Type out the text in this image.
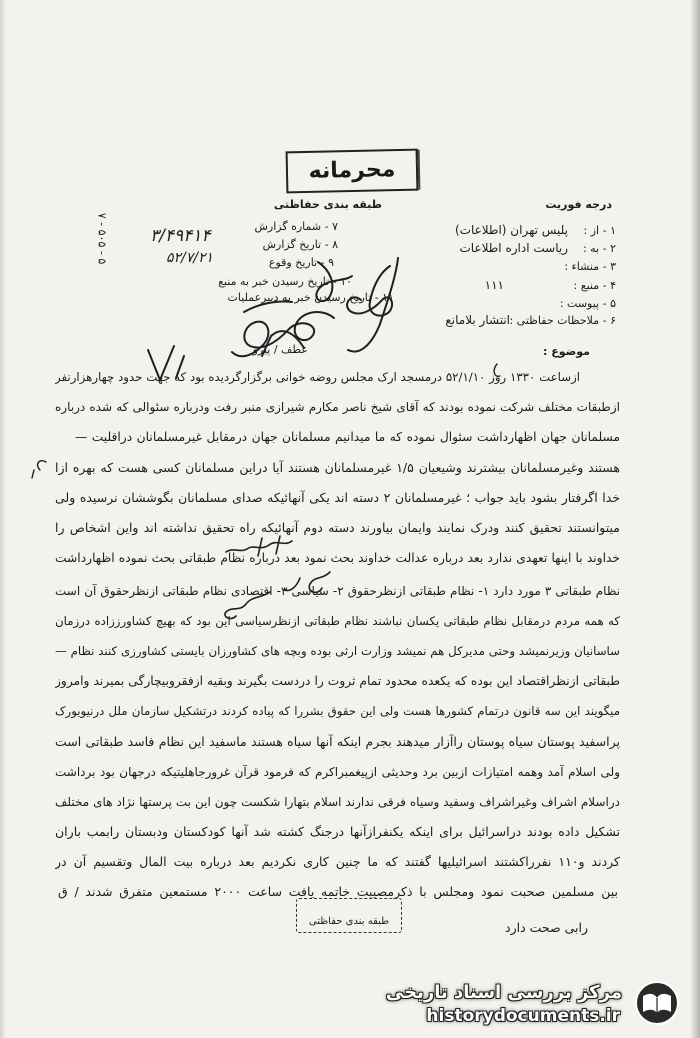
محرمانه
درجه فوریت
طبقه بندی حفاظتی
۱ - از :
پلیس تهران (اطلاعات)
۲ - به :
ریاست اداره اطلاعات
۳ - منشاء :
۴ - منبع :
۱۱۱
۵ - پیوست :
۶ - ملاحظات حفاظتی :
انتشار بلامانع
۷ - شماره گزارش
۸ - تاریخ گزارش
۹ - تاریخ وقوع
۱۰ - تاریخ رسیدن خبر به منبع
۱۱ - تاریخ رسیدن خبر به دبیرعملیات
۳/۴۹۴۱۴
۵۲/۷/۲۱
۵ - ۵۰۵ - ۷
عطف / پیرو	موضوع :
ازساعت ۱۳۳۰ روز ۵۲/۱/۱۰ درمسجد ارک مجلس روضه خوانی برگزارگردیده بود که جهت حدود چهارهزارنفر
ازطبقات مختلف شرکت نموده بودند که آقای شیخ ناصر مکارم شیرازی منبر رفت ودرباره سئوالی که شده درباره
مسلمانان جهان اظهارداشت سئوال نموده که ما میدانیم مسلمانان جهان درمقابل غیرمسلمانان دراقلیت —
هستند وغیرمسلمانان بیشترند وشیعیان ۱/۵ غیرمسلمانان هستند آیا دراین مسلمانان کسی هست که بهره ازا
خدا اگرفتار بشود باید جواب ؛ غیرمسلمانان ۲ دسته اند یکی آنهائیکه صدای مسلمانان بگوششان نرسیده ولی
میتوانستند تحقیق کنند ودرک نمایند وایمان بیاورند دسته دوم آنهائیکه راه تحقیق نداشته اند واین اشخاص را
خداوند با اینها تعهدی ندارد بعد درباره عدالت خداوند بحث نمود بعد درباره نظام طبقاتی بحث نموده اظهارداشت
نظام طبقاتی ۳ مورد دارد ۱- نظام طبقاتی ازنظرحقوق ۲- سیاسی ۳- اقتصادی نظام طبقاتی ازنظرحقوق آن است
که همه مردم درمقابل نظام طبقاتی یکسان نباشند نظام طبقاتی ازنظرسیاسی این بود که بهیچ کشاورززاده درزمان
ساسانیان وزیرنمیشد وحتی مدیرکل هم نمیشد وزارت ارثی بوده وبچه های کشاورزان بایستی کشاورزی کنند نظام —
طبقاتی ازنظراقتصاد این بوده که یکعده محدود تمام ثروت را دردست بگیرند وبقیه ازفقروبیچارگی بمیرند وامروز
میگویند این سه قانون درتمام کشورها هست ولی این حقوق بشررا که پیاده کردند درتشکیل سازمان ملل درنیویورک
پراسفید پوستان سیاه پوستان راآزار میدهند بجرم اینکه آنها سیاه هستند ماسفید این نظام فاسد طبقاتی است
ولی اسلام آمد وهمه امتیازات ازبین برد وحدیثی ازپیغمبراکرم که فرمود قرآن غرورجاهلیتیکه درجهان بود برداشت
دراسلام اشراف وغیراشراف وسفید وسیاه فرقی ندارند اسلام بتهارا شکست چون این بت پرستها نژاد های مختلف
تشکیل داده بودند دراسرائیل برای اینکه یکنفرازآنها درجنگ کشته شد آنها کودکستان ودبستان رابمب باران
کردند و۱۱۰ نفرراکشتند اسرائیلیها گفتند که ما چنین کاری نکردیم بعد درباره بیت المال وتقسیم آن در
بین مسلمین صحبت نمود ومجلس با ذکرمصیبت خاتمه یافت ساعت ۲۰۰۰ مستمعین متفرق شدند / ق
رابی صحت دارد
طبقه بندی حفاظتی
مرکز بررسی اسناد تاریخی
historydocuments.ir
